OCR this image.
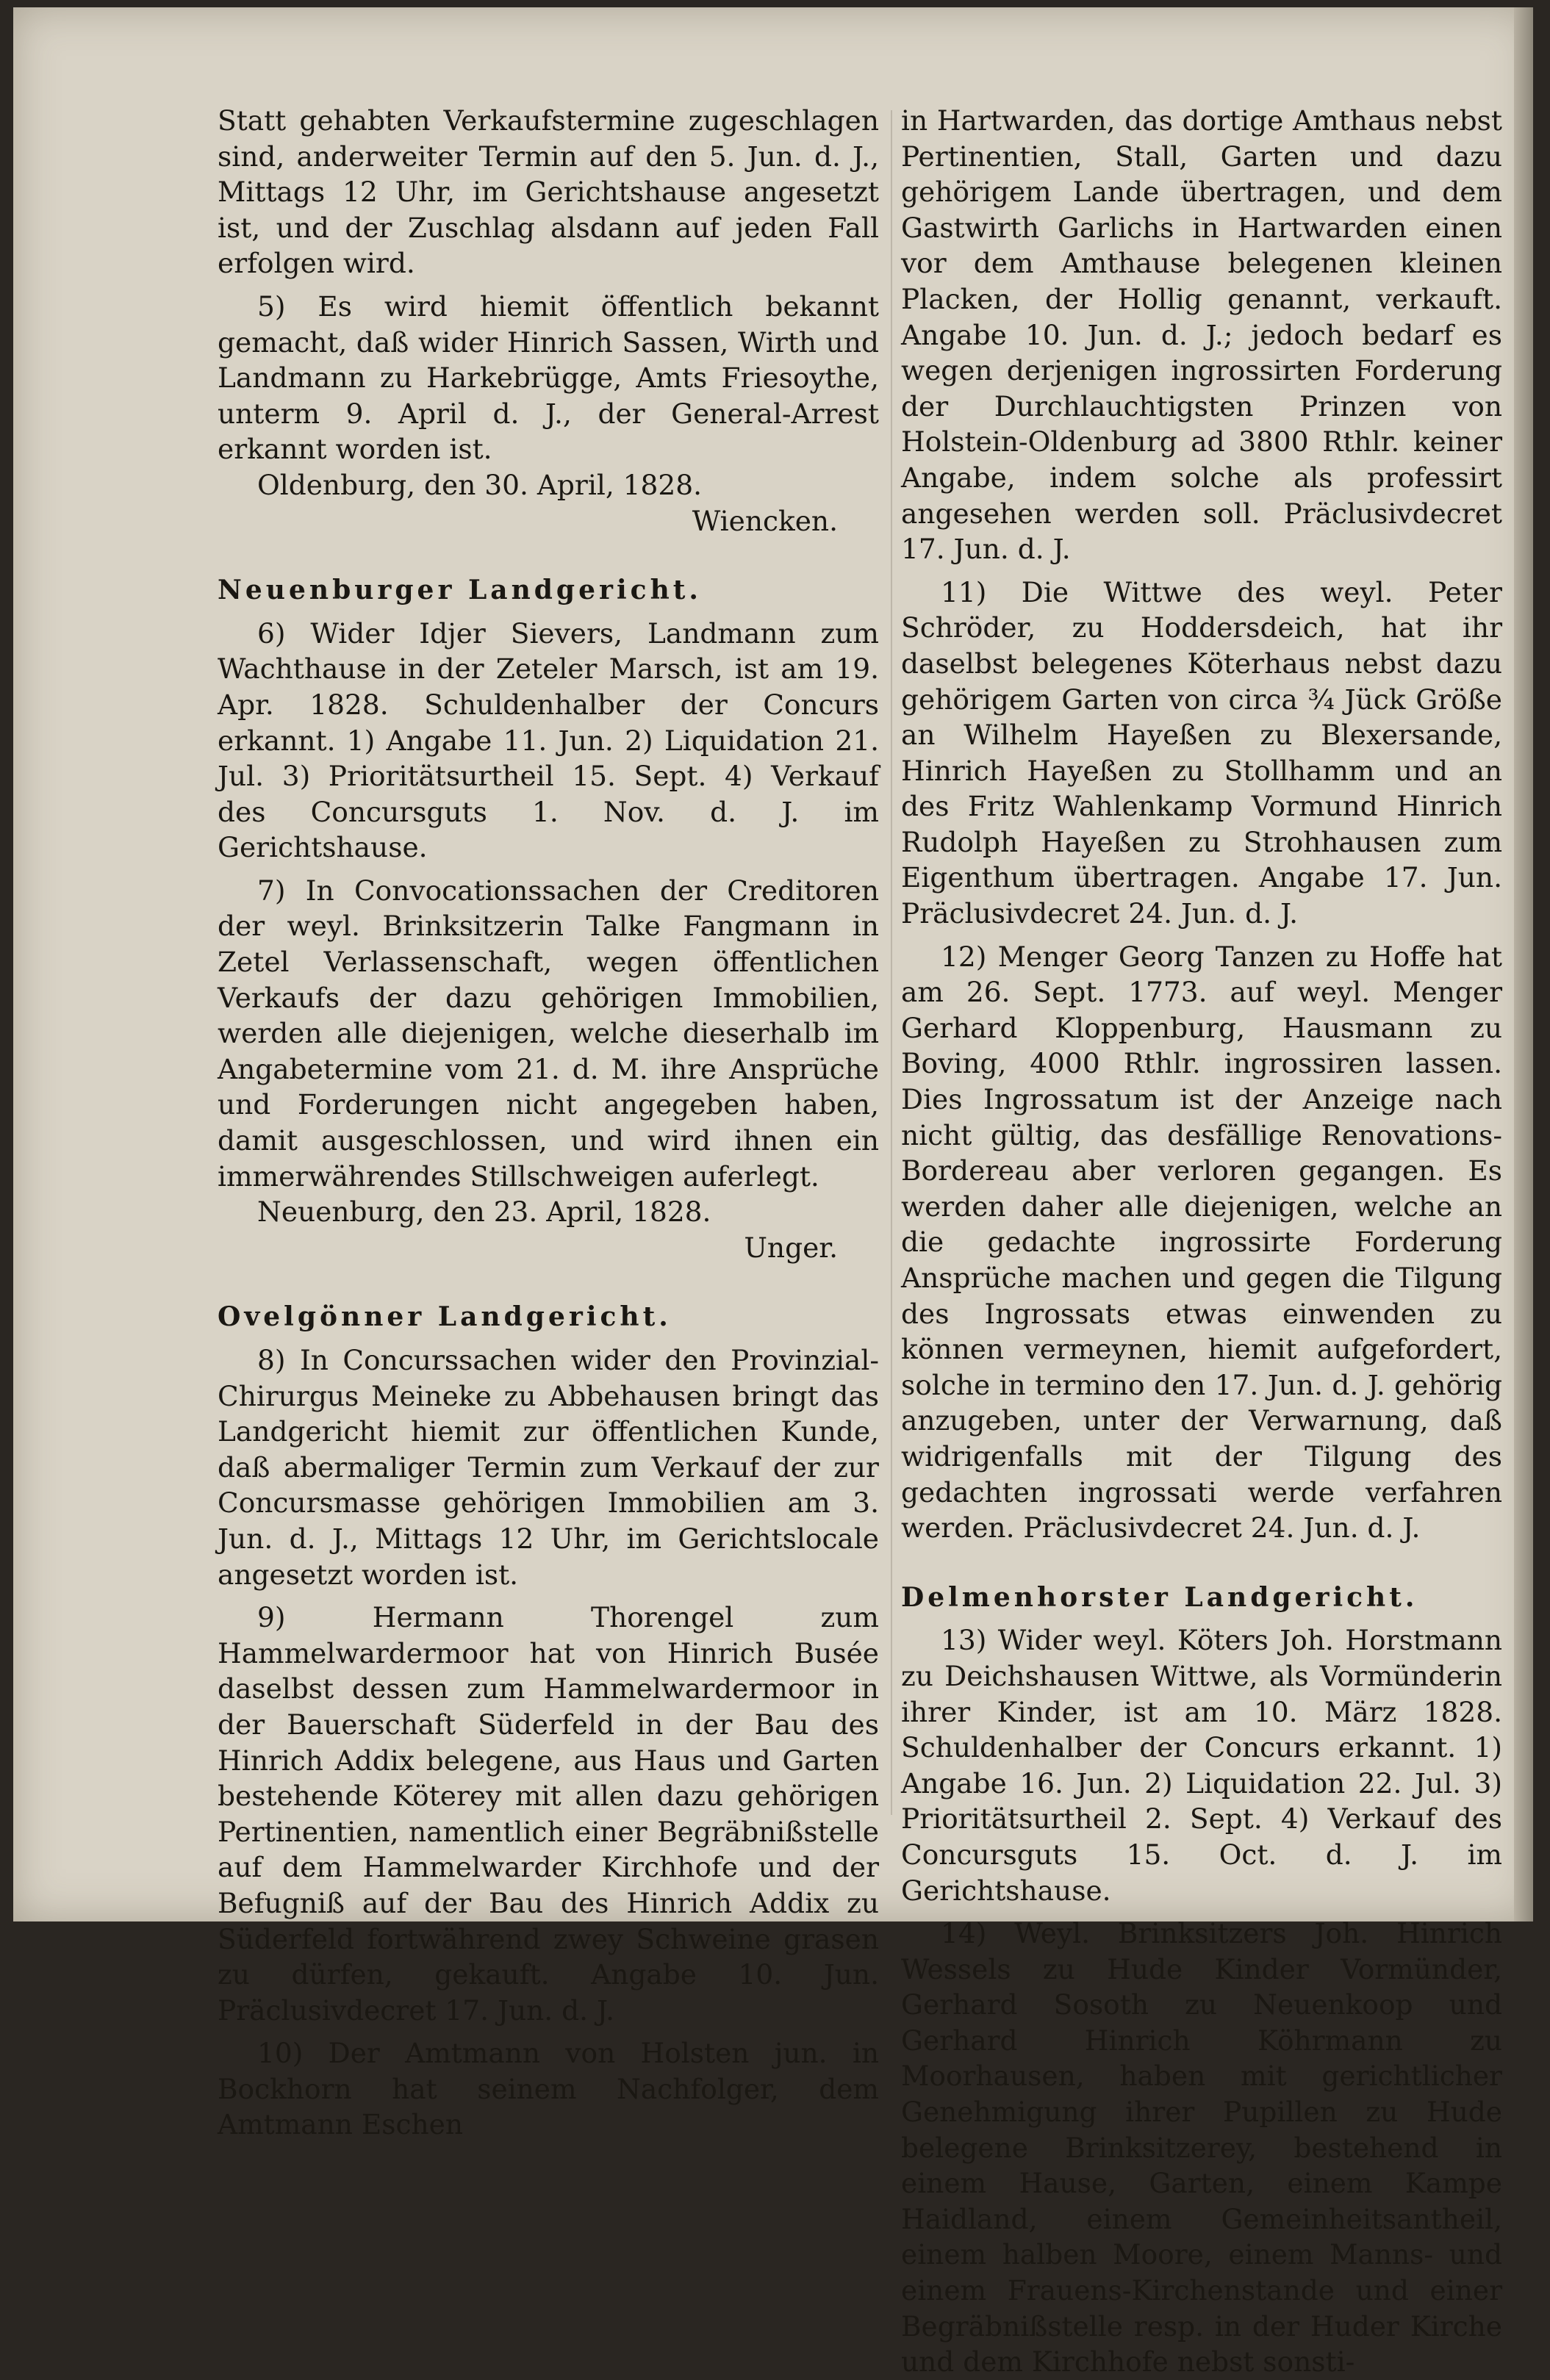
Statt gehabten Verkaufstermine zugeschlagen sind, anderweiter Termin auf den 5. Jun. d. J., Mittags 12 Uhr, im Gerichtshause angesetzt ist, und der Zuschlag alsdann auf jeden Fall erfolgen wird.

5) Es wird hiemit öffentlich bekannt gemacht, daß wider Hinrich Sassen, Wirth und Landmann zu Harkebrügge, Amts Friesoythe, unterm 9. April d. J., der General-Arrest erkannt worden ist.

Oldenburg, den 30. April, 1828.

Wiencken.

Neuenburger Landgericht.

6) Wider Idjer Sievers, Landmann zum Wachthause in der Zeteler Marsch, ist am 19. Apr. 1828. Schuldenhalber der Concurs erkannt. 1) Angabe 11. Jun. 2) Liquidation 21. Jul. 3) Prioritätsurtheil 15. Sept. 4) Verkauf des Concursguts 1. Nov. d. J. im Gerichtshause.

7) In Convocationssachen der Creditoren der weyl. Brinksitzerin Talke Fangmann in Zetel Verlassenschaft, wegen öffentlichen Verkaufs der dazu gehörigen Immobilien, werden alle diejenigen, welche dieserhalb im Angabetermine vom 21. d. M. ihre Ansprüche und Forderungen nicht angegeben haben, damit ausgeschlossen, und wird ihnen ein immerwährendes Stillschweigen auferlegt.

Neuenburg, den 23. April, 1828.

Unger.

Ovelgönner Landgericht.

8) In Concurssachen wider den Provinzial-Chirurgus Meineke zu Abbehausen bringt das Landgericht hiemit zur öffentlichen Kunde, daß abermaliger Termin zum Verkauf der zur Concursmasse gehörigen Immobilien am 3. Jun. d. J., Mittags 12 Uhr, im Gerichtslocale angesetzt worden ist.

9) Hermann Thorengel zum Hammelwardermoor hat von Hinrich Busée daselbst dessen zum Hammelwardermoor in der Bauerschaft Süderfeld in der Bau des Hinrich Addix belegene, aus Haus und Garten bestehende Köterey mit allen dazu gehörigen Pertinentien, namentlich einer Begräbnißstelle auf dem Hammelwarder Kirchhofe und der Befugniß auf der Bau des Hinrich Addix zu Süderfeld fortwährend zwey Schweine grasen zu dürfen, gekauft. Angabe 10. Jun. Präclusivdecret 17. Jun. d. J.

10) Der Amtmann von Holsten jun. in Bockhorn hat seinem Nachfolger, dem Amtmann Eschen

in Hartwarden, das dortige Amthaus nebst Pertinentien, Stall, Garten und dazu gehörigem Lande übertragen, und dem Gastwirth Garlichs in Hartwarden einen vor dem Amthause belegenen kleinen Placken, der Hollig genannt, verkauft. Angabe 10. Jun. d. J.; jedoch bedarf es wegen derjenigen ingrossirten Forderung der Durchlauchtigsten Prinzen von Holstein-Oldenburg ad 3800 Rthlr. keiner Angabe, indem solche als professirt angesehen werden soll. Präclusivdecret 17. Jun. d. J.

11) Die Wittwe des weyl. Peter Schröder, zu Hoddersdeich, hat ihr daselbst belegenes Köterhaus nebst dazu gehörigem Garten von circa ¾ Jück Größe an Wilhelm Hayeßen zu Blexersande, Hinrich Hayeßen zu Stollhamm und an des Fritz Wahlenkamp Vormund Hinrich Rudolph Hayeßen zu Strohhausen zum Eigenthum übertragen. Angabe 17. Jun. Präclusivdecret 24. Jun. d. J.

12) Menger Georg Tanzen zu Hoffe hat am 26. Sept. 1773. auf weyl. Menger Gerhard Kloppenburg, Hausmann zu Boving, 4000 Rthlr. ingrossiren lassen. Dies Ingrossatum ist der Anzeige nach nicht gültig, das desfällige Renovations-Bordereau aber verloren gegangen. Es werden daher alle diejenigen, welche an die gedachte ingrossirte Forderung Ansprüche machen und gegen die Tilgung des Ingrossats etwas einwenden zu können vermeynen, hiemit aufgefordert, solche in termino den 17. Jun. d. J. gehörig anzugeben, unter der Verwarnung, daß widrigenfalls mit der Tilgung des gedachten ingrossati werde verfahren werden. Präclusivdecret 24. Jun. d. J.

Delmenhorster Landgericht.

13) Wider weyl. Köters Joh. Horstmann zu Deichshausen Wittwe, als Vormünderin ihrer Kinder, ist am 10. März 1828. Schuldenhalber der Concurs erkannt. 1) Angabe 16. Jun. 2) Liquidation 22. Jul. 3) Prioritätsurtheil 2. Sept. 4) Verkauf des Concursguts 15. Oct. d. J. im Gerichtshause.

14) Weyl. Brinksitzers Joh. Hinrich Wessels zu Hude Kinder Vormünder, Gerhard Sosoth zu Neuenkoop und Gerhard Hinrich Köhrmann zu Moorhausen, haben mit gerichtlicher Genehmigung ihrer Pupillen zu Hude belegene Brinksitzerey, bestehend in einem Hause, Garten, einem Kampe Haidland, einem Gemeinheitsantheil, einem halben Moore, einem Manns- und einem Frauens-Kirchenstande und einer Begräbnißstelle resp. in der Huder Kirche und dem Kirchhofe nebst sonsti-
